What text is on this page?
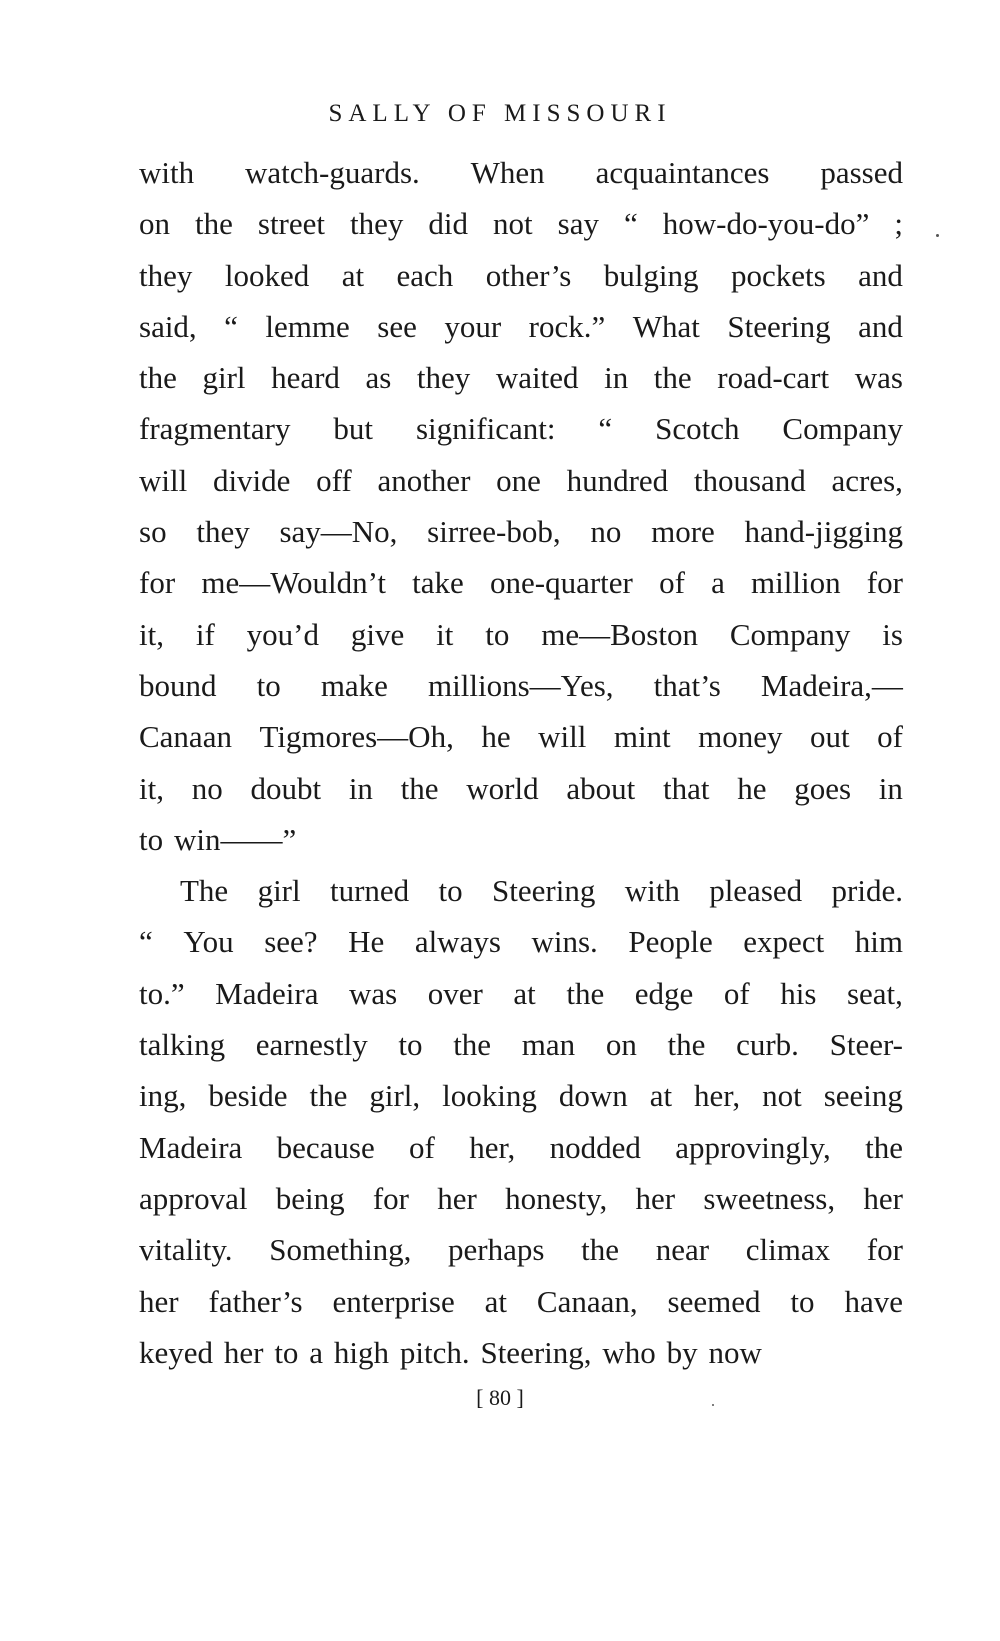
SALLY OF MISSOURI
with watch-guards. When acquaintances passed
on the street they did not say “ how-do-you-do” ;
they looked at each other’s bulging pockets and
said, “ lemme see your rock.” What Steering and
the girl heard as they waited in the road-cart was
fragmentary but significant: “ Scotch Company
will divide off another one hundred thousand acres,
so they say—No, sirree-bob, no more hand-jigging
for me—Wouldn’t take one-quarter of a million for
it, if you’d give it to me—Boston Company is
bound to make millions—Yes, that’s Madeira,—
Canaan Tigmores—Oh, he will mint money out of
it, no doubt in the world about that he goes in
to win——”
The girl turned to Steering with pleased pride.
“ You see? He always wins. People expect him
to.” Madeira was over at the edge of his seat,
talking earnestly to the man on the curb. Steer-
ing, beside the girl, looking down at her, not seeing
Madeira because of her, nodded approvingly, the
approval being for her honesty, her sweetness, her
vitality. Something, perhaps the near climax for
her father’s enterprise at Canaan, seemed to have
keyed her to a high pitch. Steering, who by now
[ 80 ]
